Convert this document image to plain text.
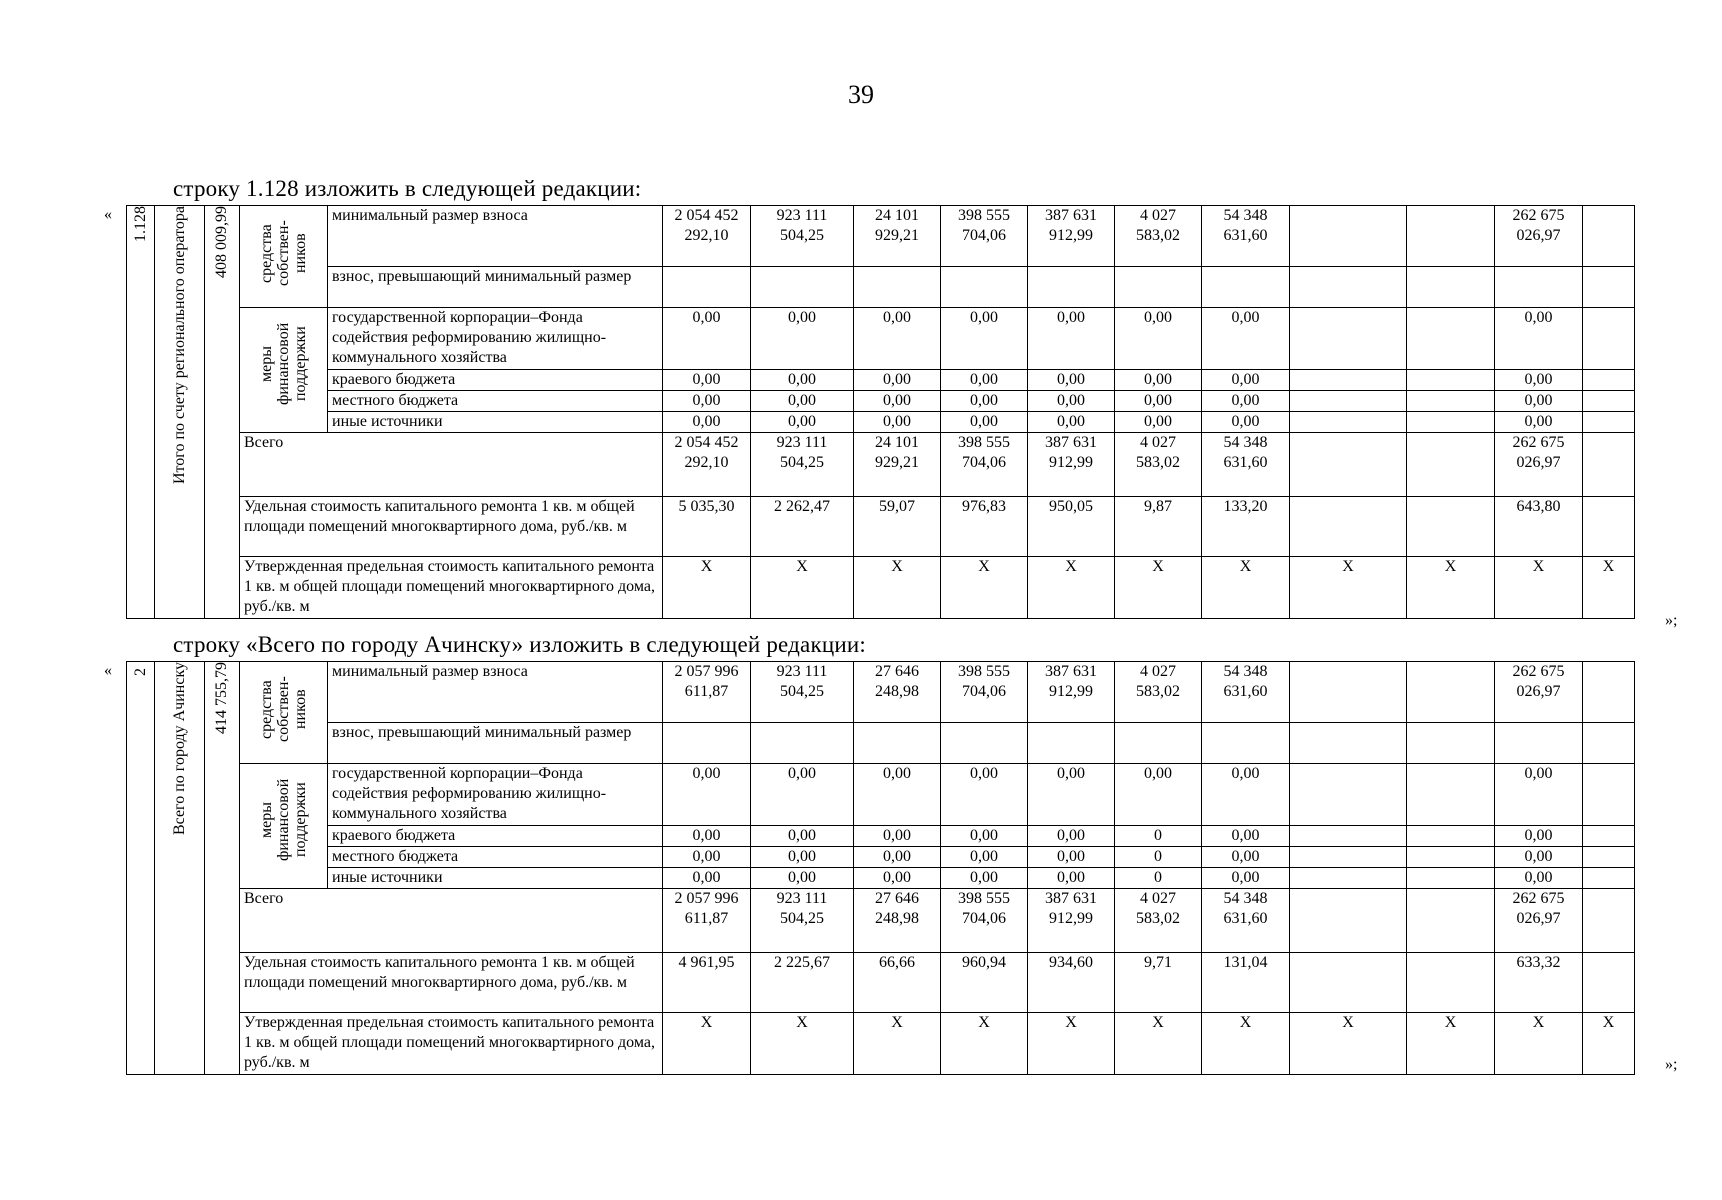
39
строку 1.128 изложить в следующей редакции:
« 1.128	Итого по счету регионального оператора	408 009,99	средства собствен-ников	минимальный размер взноса	2 054 452 292,10	923 111 504,25	24 101 929,21	398 555 704,06	387 631 912,99	4 027 583,02	54 348 631,60			262 675 026,97	
				взнос, превышающий минимальный размер											
			меры финансовой поддержки	государственной корпорации–Фонда содействия реформированию жилищно-коммунального хозяйства	0,00	0,00	0,00	0,00	0,00	0,00	0,00			0,00	
				краевого бюджета	0,00	0,00	0,00	0,00	0,00	0,00	0,00			0,00	
				местного бюджета	0,00	0,00	0,00	0,00	0,00	0,00	0,00			0,00	
				иные источники	0,00	0,00	0,00	0,00	0,00	0,00	0,00			0,00	
			Всего		2 054 452 292,10	923 111 504,25	24 101 929,21	398 555 704,06	387 631 912,99	4 027 583,02	54 348 631,60			262 675 026,97	
			Удельная стоимость капитального ремонта 1 кв. м общей площади помещений многоквартирного дома, руб./кв. м		5 035,30	2 262,47	59,07	976,83	950,05	9,87	133,20			643,80	
			Утвержденная предельная стоимость капитального ремонта 1 кв. м общей площади помещений многоквартирного дома, руб./кв. м		X	X	X	X	X	X	X	X	X	X	X
»;
строку «Всего по городу Ачинску» изложить в следующей редакции:
« 2	Всего по городу Ачинску	414 755,79	средства собствен-ников	минимальный размер взноса	2 057 996 611,87	923 111 504,25	27 646 248,98	398 555 704,06	387 631 912,99	4 027 583,02	54 348 631,60			262 675 026,97	
				взнос, превышающий минимальный размер											
			меры финансовой поддержки	государственной корпорации–Фонда содействия реформированию жилищно-коммунального хозяйства	0,00	0,00	0,00	0,00	0,00	0,00	0,00			0,00	
				краевого бюджета	0,00	0,00	0,00	0,00	0,00	0	0,00			0,00	
				местного бюджета	0,00	0,00	0,00	0,00	0,00	0	0,00			0,00	
				иные источники	0,00	0,00	0,00	0,00	0,00	0	0,00			0,00	
			Всего		2 057 996 611,87	923 111 504,25	27 646 248,98	398 555 704,06	387 631 912,99	4 027 583,02	54 348 631,60			262 675 026,97	
			Удельная стоимость капитального ремонта 1 кв. м общей площади помещений многоквартирного дома, руб./кв. м		4 961,95	2 225,67	66,66	960,94	934,60	9,71	131,04			633,32	
			Утвержденная предельная стоимость капитального ремонта 1 кв. м общей площади помещений многоквартирного дома, руб./кв. м		X	X	X	X	X	X	X	X	X	X	X
»;
